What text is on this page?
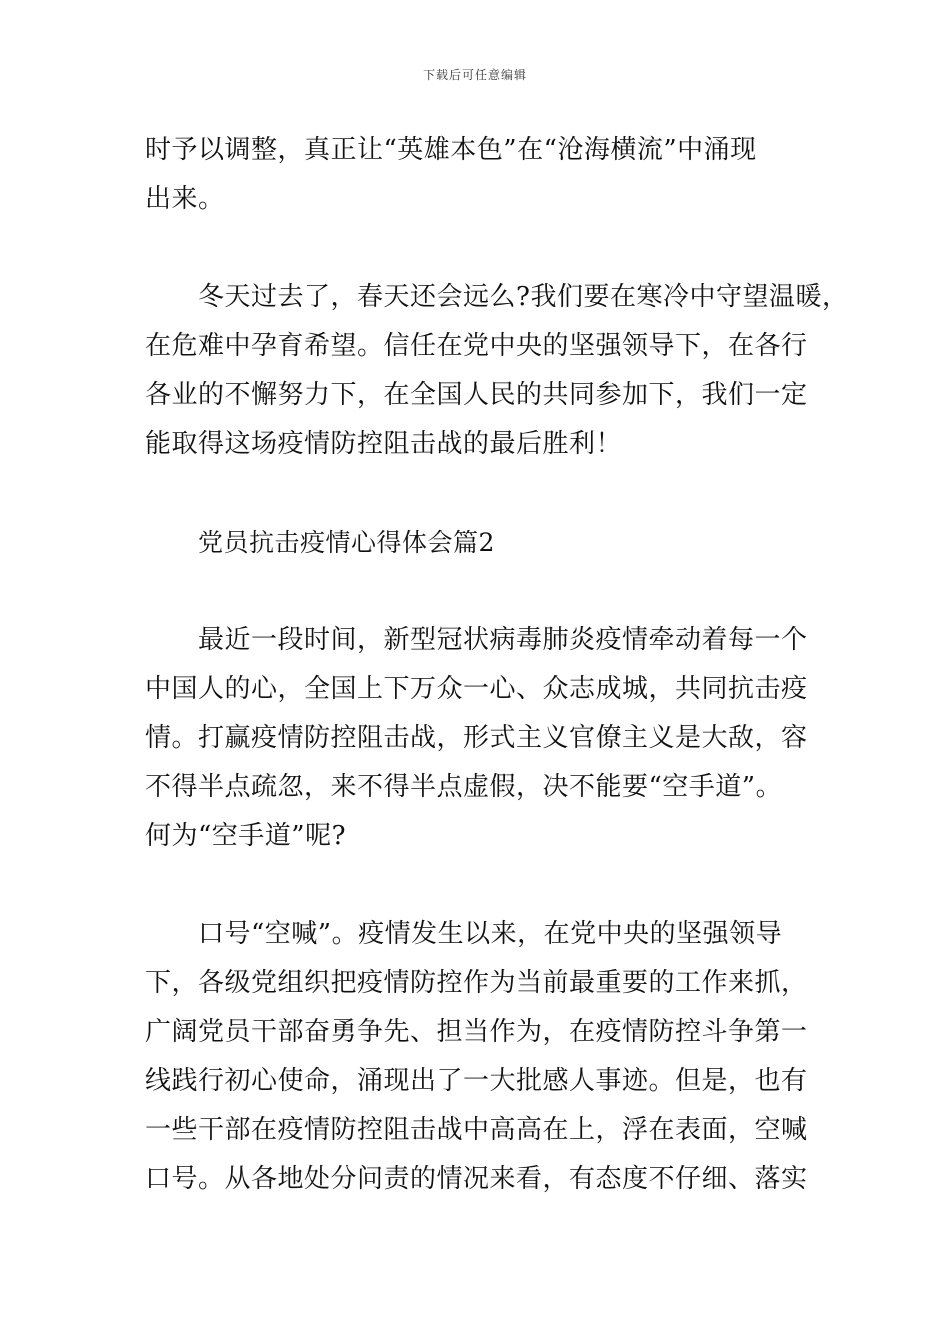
下载后可任意编辑
时予以调整，真正让“英雄本色”在“沧海横流”中涌现
出来。
冬天过去了，春天还会远么?我们要在寒冷中守望温暖，
在危难中孕育希望。信任在党中央的坚强领导下，在各行
各业的不懈努力下，在全国人民的共同参加下，我们一定
能取得这场疫情防控阻击战的最后胜利！
党员抗击疫情心得体会篇2
最近一段时间，新型冠状病毒肺炎疫情牵动着每一个
中国人的心，全国上下万众一心、众志成城，共同抗击疫
情。打赢疫情防控阻击战，形式主义官僚主义是大敌，容
不得半点疏忽，来不得半点虚假，决不能要“空手道”。
何为“空手道”呢?
口号“空喊”。疫情发生以来，在党中央的坚强领导
下，各级党组织把疫情防控作为当前最重要的工作来抓，
广阔党员干部奋勇争先、担当作为，在疫情防控斗争第一
线践行初心使命，涌现出了一大批感人事迹。但是，也有
一些干部在疫情防控阻击战中高高在上，浮在表面，空喊
口号。从各地处分问责的情况来看，有态度不仔细、落实
